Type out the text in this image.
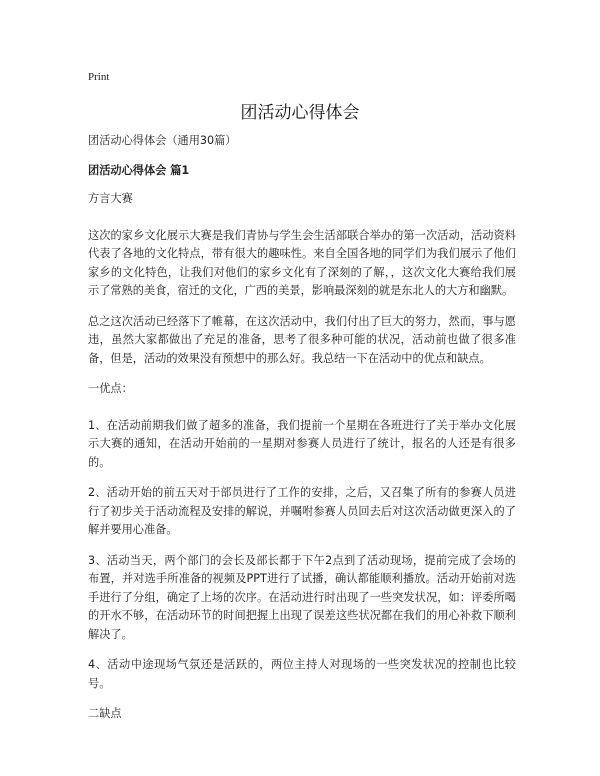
Print
团活动心得体会

团活动心得体会（通用30篇）

团活动心得体会 篇1

方言大赛

这次的家乡文化展示大赛是我们青协与学生会生活部联合举办的第一次活动，活动资料代表了各地的文化特点，带有很大的趣味性。来自全国各地的同学们为我们展示了他们家乡的文化特色，让我们对他们的家乡文化有了深刻的了解，，这次文化大赛给我们展示了常熟的美食，宿迁的文化，广西的美景，影响最深刻的就是东北人的大方和幽默。

总之这次活动已经落下了帷幕，在这次活动中，我们付出了巨大的努力，然而，事与愿违，虽然大家都做出了充足的准备，思考了很多种可能的状况，活动前也做了很多准备，但是，活动的效果没有预想中的那么好。我总结一下在活动中的优点和缺点。

一优点：

1、在活动前期我们做了超多的准备，我们提前一个星期在各班进行了关于举办文化展示大赛的通知，在活动开始前的一星期对参赛人员进行了统计，报名的人还是有很多的。

2、活动开始的前五天对于部员进行了工作的安排，之后，又召集了所有的参赛人员进行了初步关于活动流程及安排的解说，并嘱咐参赛人员回去后对这次活动做更深入的了解并要用心准备。

3、活动当天，两个部门的会长及部长都于下午2点到了活动现场，提前完成了会场的布置，并对选手所准备的视频及PPT进行了试播，确认都能顺利播放。活动开始前对选手进行了分组，确定了上场的次序。在活动进行时出现了一些突发状况，如：评委所喝的开水不够，在活动环节的时间把握上出现了误差这些状况都在我们的用心补救下顺利解决了。

4、活动中途现场气氛还是活跃的，两位主持人对现场的一些突发状况的控制也比较号。

二缺点
